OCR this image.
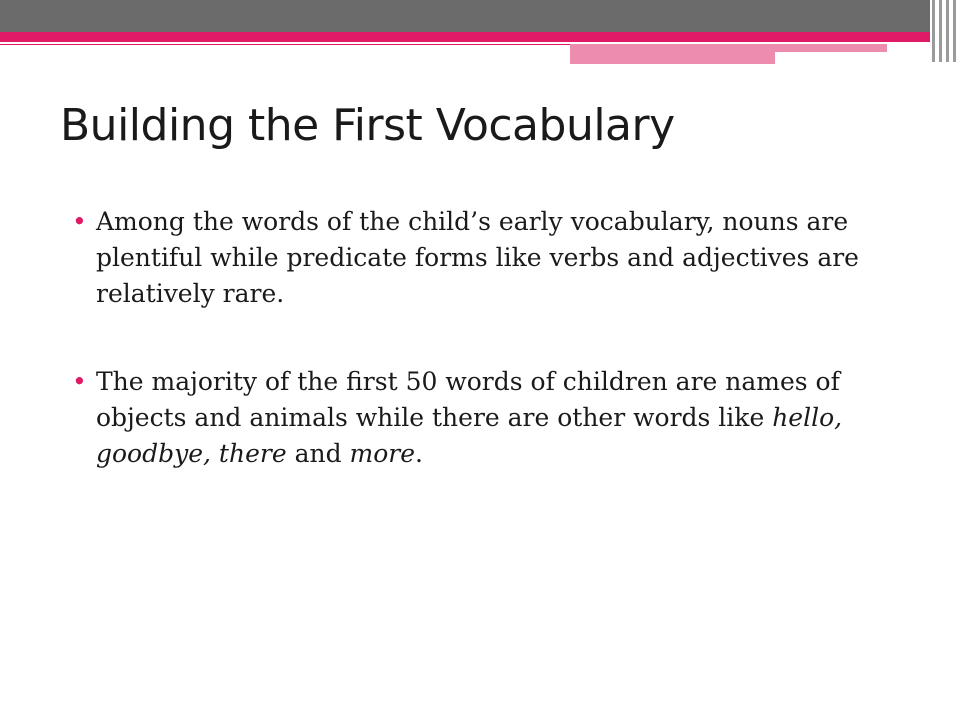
Building the First Vocabulary
• Among the words of the child’s early vocabulary, nouns are plentiful while predicate forms like verbs and adjectives are relatively rare.
• The majority of the first 50 words of children are names of objects and animals while there are other words like hello, goodbye, there and more.
